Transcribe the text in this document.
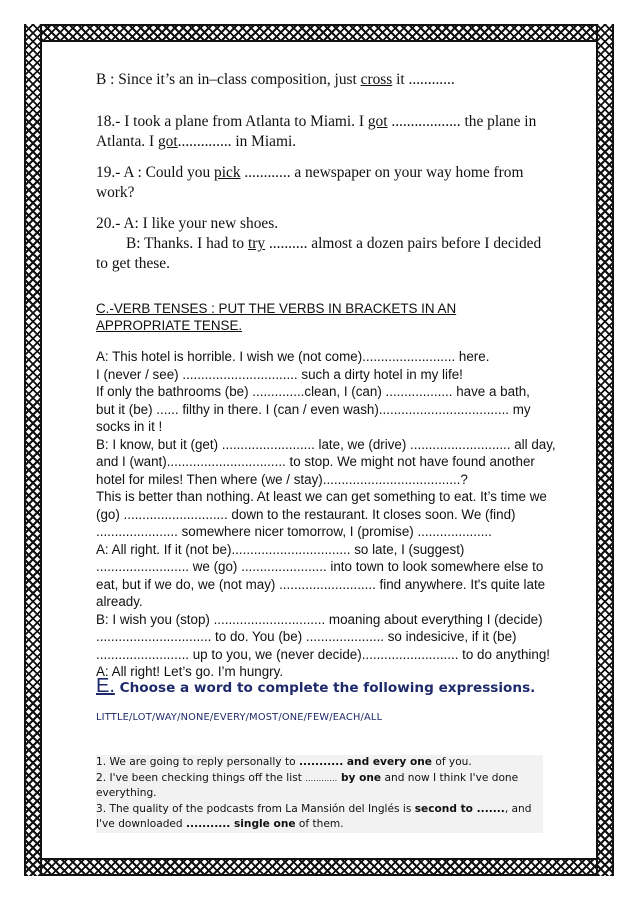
B : Since it’s an in–class composition, just cross it ............

18.- I took a plane from Atlanta to Miami. I got .................. the plane in Atlanta. I got.............. in Miami.

19.- A : Could you pick ............ a newspaper on your way home from work?

20.- A: I like your new shoes.

B: Thanks. I had to try .......... almost a dozen pairs before I decided to get these.

C.-VERB TENSES : PUT THE VERBS IN BRACKETS IN AN APPROPRIATE TENSE.
A: This hotel is horrible. I wish we (not come)......................... here.
I (never / see) ............................... such a dirty hotel in my life!
If only the bathrooms (be) ..............clean, I (can) .................. have a bath,
but it (be) ...... filthy in there. I (can / even wash)................................... my
socks in it !
B: I know, but it (get) ......................... late, we (drive) ........................... all day,
and I (want)................................ to stop. We might not have found another
hotel for miles! Then where (we / stay).....................................?
This is better than nothing. At least we can get something to eat. It’s time we
(go) ............................ down to the restaurant. It closes soon. We (find)
...................... somewhere nicer tomorrow, I (promise) ....................
A: All right. If it (not be)................................ so late, I (suggest)
......................... we (go) ....................... into town to look somewhere else to
eat, but if we do, we (not may) .......................... find anywhere. It's quite late
already.
B: I wish you (stop) .............................. moaning about everything I (decide)
............................... to do. You (be) ..................... so indesicive, if it (be)
......................... up to you, we (never decide).......................... to do anything!
A: All right! Let’s go. I’m hungry.
E. Choose a word to complete the following expressions.
LITTLE/LOT/WAY/NONE/EVERY/MOST/ONE/FEW/EACH/ALL

1. We are going to reply personally to ........... and every one of you.

2. I've been checking things off the list ………… by one and now I think I've done everything.

3. The quality of the podcasts from La Mansión del Inglés is second to ......., and I've downloaded ........... single one of them.
